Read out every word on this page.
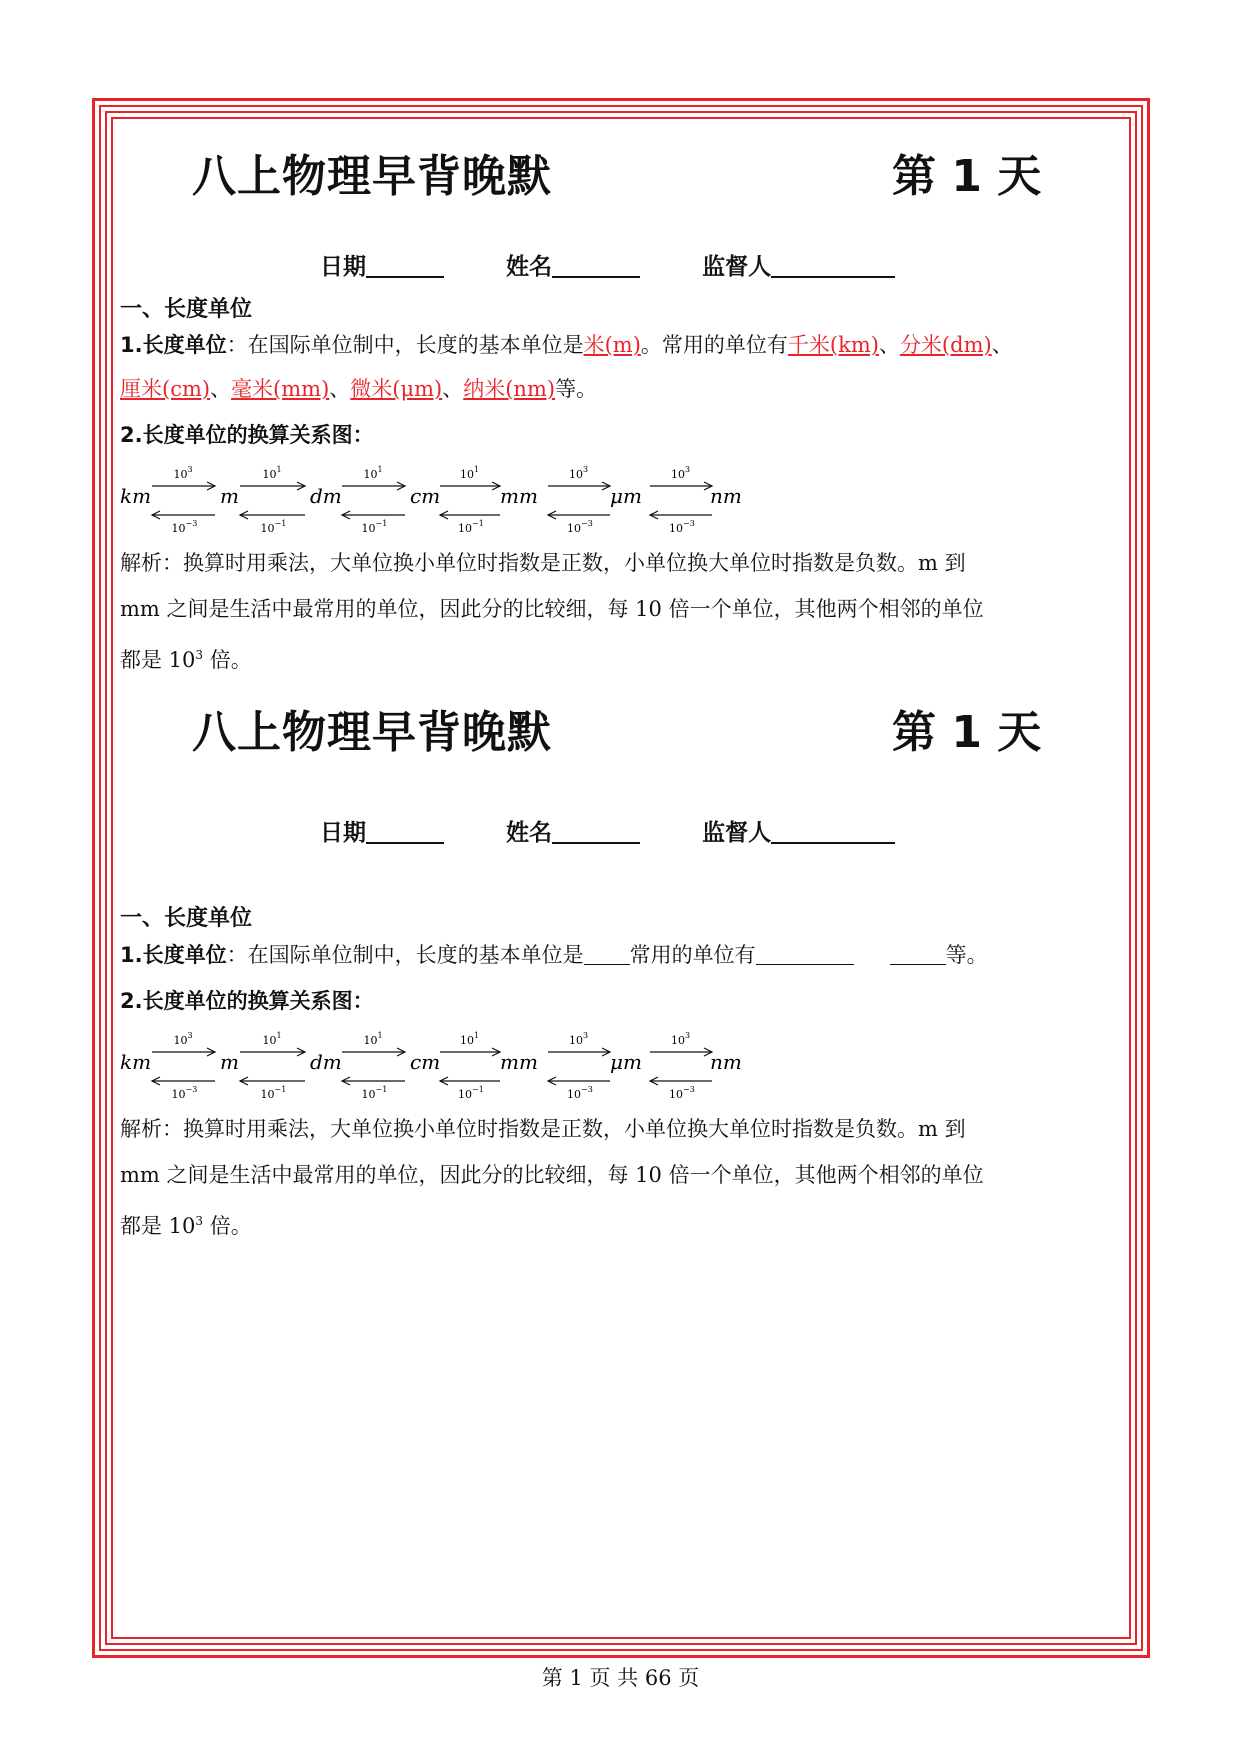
八上物理早背晚默	第 1 天
日期	姓名	监督人
一、长度单位
1.长度单位：在国际单位制中，长度的基本单位是米(m)。常用的单位有千米(km)、分米(dm)、
厘米(cm)、毫米(mm)、微米(μm)、纳米(nm)等。
2.长度单位的换算关系图：
km	m	dm	cm	mm	μm	nm
10 3
10 −3
10 1
10 −1
10 1
10 −1
10 1
10 −1
10 3
10 −3
10 3
10 −3
解析：换算时用乘法，大单位换小单位时指数是正数，小单位换大单位时指数是负数。m 到
mm 之间是生活中最常用的单位，因此分的比较细，每 10 倍一个单位，其他两个相邻的单位
都是 $10^3$ 倍。
八上物理早背晚默	第 1 天
日期	姓名	监督人
一、长度单位
1.长度单位：在国际单位制中，长度的基本单位是 常用的单位有	等。
2.长度单位的换算关系图：
km	m	dm	cm	mm	μm	nm
10 3
10 −3
10 1
10 −1
10 1
10 −1
10 1
10 −1
10 3
10 −3
10 3
10 −3
解析：换算时用乘法，大单位换小单位时指数是正数，小单位换大单位时指数是负数。m 到
mm 之间是生活中最常用的单位，因此分的比较细，每 10 倍一个单位，其他两个相邻的单位
都是 $10^3$ 倍。
第 1 页 共 66 页
